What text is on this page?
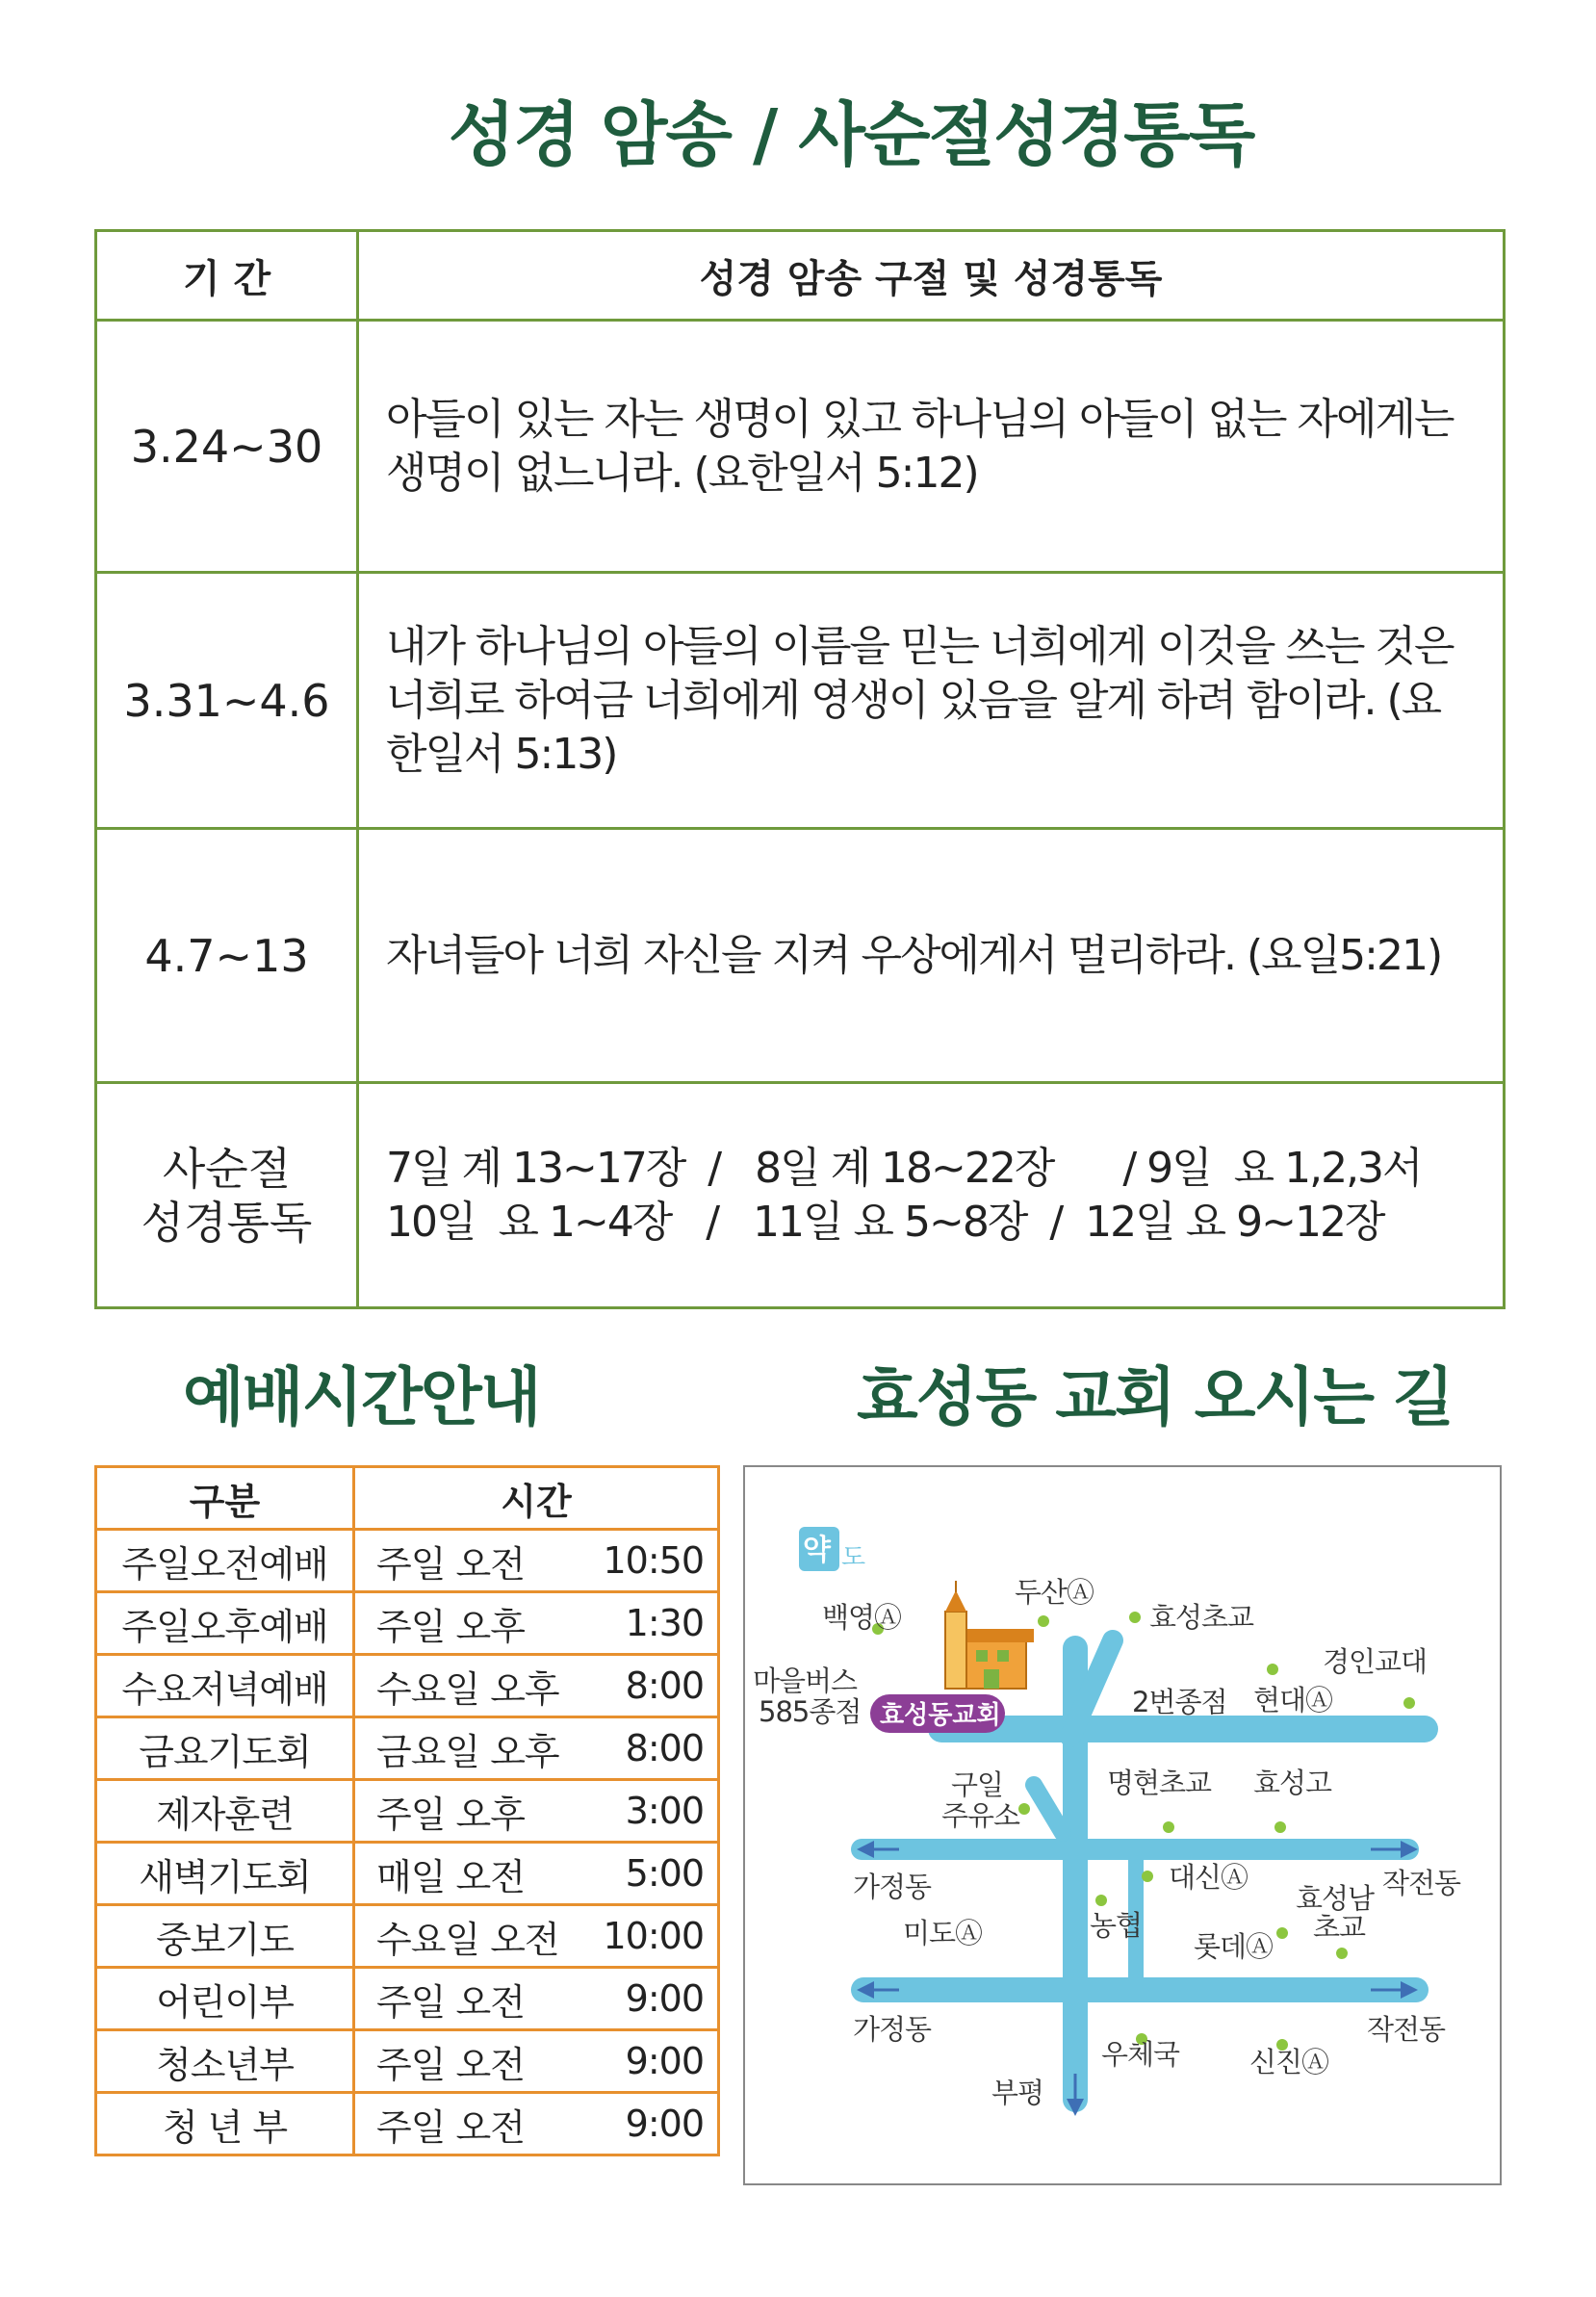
성경 암송 / 사순절성경통독
기 간	성경 암송 구절 및 성경통독
3.24~30	아들이 있는 자는 생명이 있고 하나님의 아들이 없는 자에게는 생명이 없느니라. (요한일서 5:12)
3.31~4.6	내가 하나님의 아들의 이름을 믿는 너희에게 이것을 쓰는 것은 너희로 하여금 너희에게 영생이 있음을 알게 하려 함이라. (요한일서 5:13)
4.7~13	자녀들아 너희 자신을 지켜 우상에게서 멀리하라. (요일5:21)

사순절
성경통독	7일 계 13~17장  /   8일 계 18~22장      / 9일  요 1,2,3서
10일  요 1~4장   /   11일 요 5~8장  /  12일 요 9~12장
예배시간안내	효성동 교회 오시는 길
구분	시간
주일오전예배	주일 오전 10:50

주일오후예배	주일 오후 1:30

수요저녁예배	수요일 오후 8:00

금요기도회	금요일 오후 8:00

제자훈련	주일 오후 3:00

새벽기도회	매일 오전 5:00

중보기도	수요일 오전 10:00

어린이부	주일 오전 9:00

청소년부	주일 오전 9:00

청 년 부	주일 오전 9:00
약 도
효성동교회
두산Ⓐ
효성초교
백영Ⓐ
경인교대
마을버스
585종점	2번종점 현대Ⓐ
구일
주유소
명현초교 효성고
가정동	작전동
대신Ⓐ
효성남
초교
미도Ⓐ	농협
롯데Ⓐ
가정동	작전동
우체국	신진Ⓐ
부평
